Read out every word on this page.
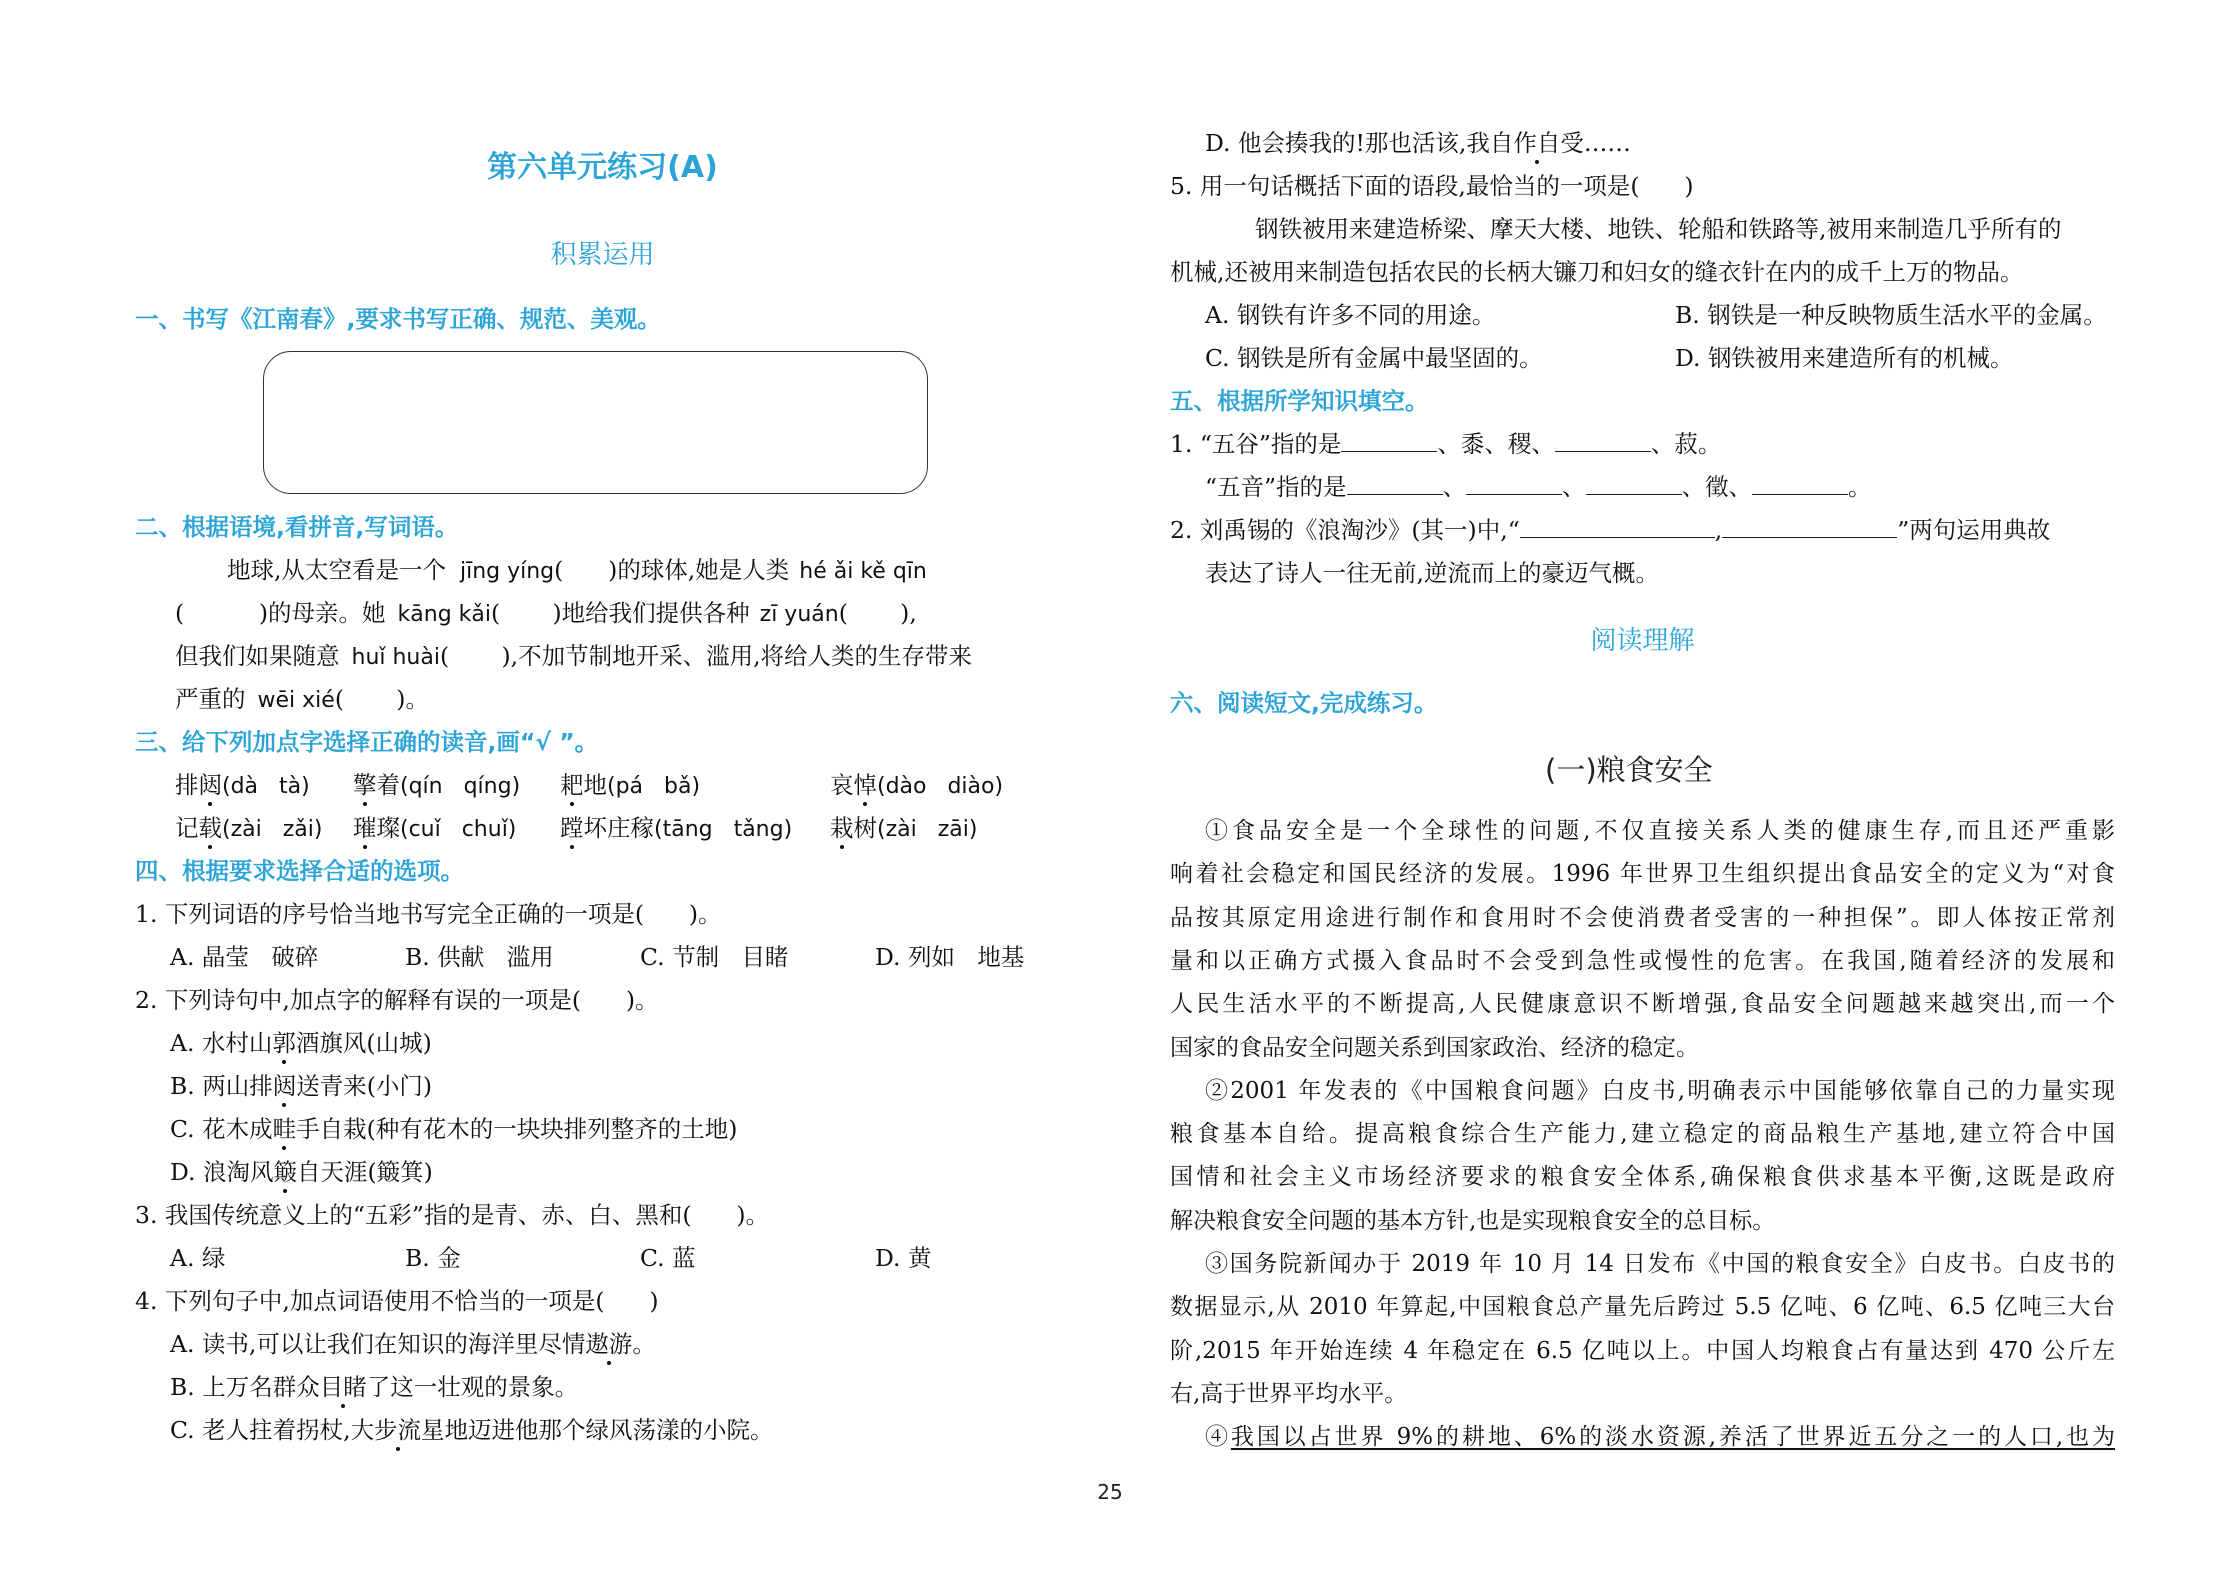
第六单元练习(A)
积累运用
一、书写《江南春》,要求书写正确、规范、美观。
二、根据语境,看拼音,写词语。
地球,从太空看是一个 jīng yíng(      )的球体,她是人类 hé ǎi kě qīn
(          )的母亲。她 kāng kǎi(       )地给我们提供各种 zī yuán(       ),
但我们如果随意 huǐ huài(       ),不加节制地开采、滥用,将给人类的生存带来
严重的 wēi xié(       )。
三、给下列加点字选择正确的读音,画“√ ”。
排闼(dà   tà) 擎着(qín   qíng) 耙地(pá   bǎ)	哀悼(dào   diào)
记载(zài   zǎi) 璀璨(cuǐ   chuǐ) 蹚坏庄稼(tāng   tǎng) 栽树(zài   zāi)
四、根据要求选择合适的选项。
1. 下列词语的序号恰当地书写完全正确的一项是(      )。
A. 晶莹   破碎	B. 供献   滥用	C. 节制   目睹	D. 列如   地基
2. 下列诗句中,加点字的解释有误的一项是(      )。
A. 水村山郭酒旗风(山城)
B. 两山排闼送青来(小门)
C. 花木成畦手自栽(种有花木的一块块排列整齐的土地)
D. 浪淘风簸自天涯(簸箕)
3. 我国传统意义上的“五彩”指的是青、赤、白、黑和(      )。
A. 绿	B. 金	C. 蓝	D. 黄
4. 下列句子中,加点词语使用不恰当的一项是(      )
A. 读书,可以让我们在知识的海洋里尽情遨游。
B. 上万名群众目睹了这一壮观的景象。
C. 老人拄着拐杖,大步流星地迈进他那个绿风荡漾的小院。
D. 他会揍我的!那也活该,我自作自受……
5. 用一句话概括下面的语段,最恰当的一项是(      )
钢铁被用来建造桥梁、摩天大楼、地铁、轮船和铁路等,被用来制造几乎所有的
机械,还被用来制造包括农民的长柄大镰刀和妇女的缝衣针在内的成千上万的物品。
A. 钢铁有许多不同的用途。	B. 钢铁是一种反映物质生活水平的金属。
C. 钢铁是所有金属中最坚固的。	D. 钢铁被用来建造所有的机械。
五、根据所学知识填空。
1. “五谷”指的是	、黍、稷、	、菽。
“五音”指的是	、	、	、徵、	。
2. 刘禹锡的《浪淘沙》(其一)中,“	,	”两句运用典故
表达了诗人一往无前,逆流而上的豪迈气概。
阅读理解
六、阅读短文,完成练习。
(一)粮食安全
①食品安全是一个全球性的问题,不仅直接关系人类的健康生存,而且还严重影
响着社会稳定和国民经济的发展。1996 年世界卫生组织提出食品安全的定义为“对食
品按其原定用途进行制作和食用时不会使消费者受害的一种担保”。即人体按正常剂
量和以正确方式摄入食品时不会受到急性或慢性的危害。在我国,随着经济的发展和
人民生活水平的不断提高,人民健康意识不断增强,食品安全问题越来越突出,而一个
国家的食品安全问题关系到国家政治、经济的稳定。
②2001 年发表的《中国粮食问题》白皮书,明确表示中国能够依靠自己的力量实现
粮食基本自给。提高粮食综合生产能力,建立稳定的商品粮生产基地,建立符合中国
国情和社会主义市场经济要求的粮食安全体系,确保粮食供求基本平衡,这既是政府
解决粮食安全问题的基本方针,也是实现粮食安全的总目标。
③国务院新闻办于 2019 年 10 月 14 日发布《中国的粮食安全》白皮书。白皮书的
数据显示,从 2010 年算起,中国粮食总产量先后跨过 5.5 亿吨、6 亿吨、6.5 亿吨三大台
阶,2015 年开始连续 4 年稳定在 6.5 亿吨以上。中国人均粮食占有量达到 470 公斤左
右,高于世界平均水平。
④我国以占世界 9%的耕地、6%的淡水资源,养活了世界近五分之一的人口,也为
25
